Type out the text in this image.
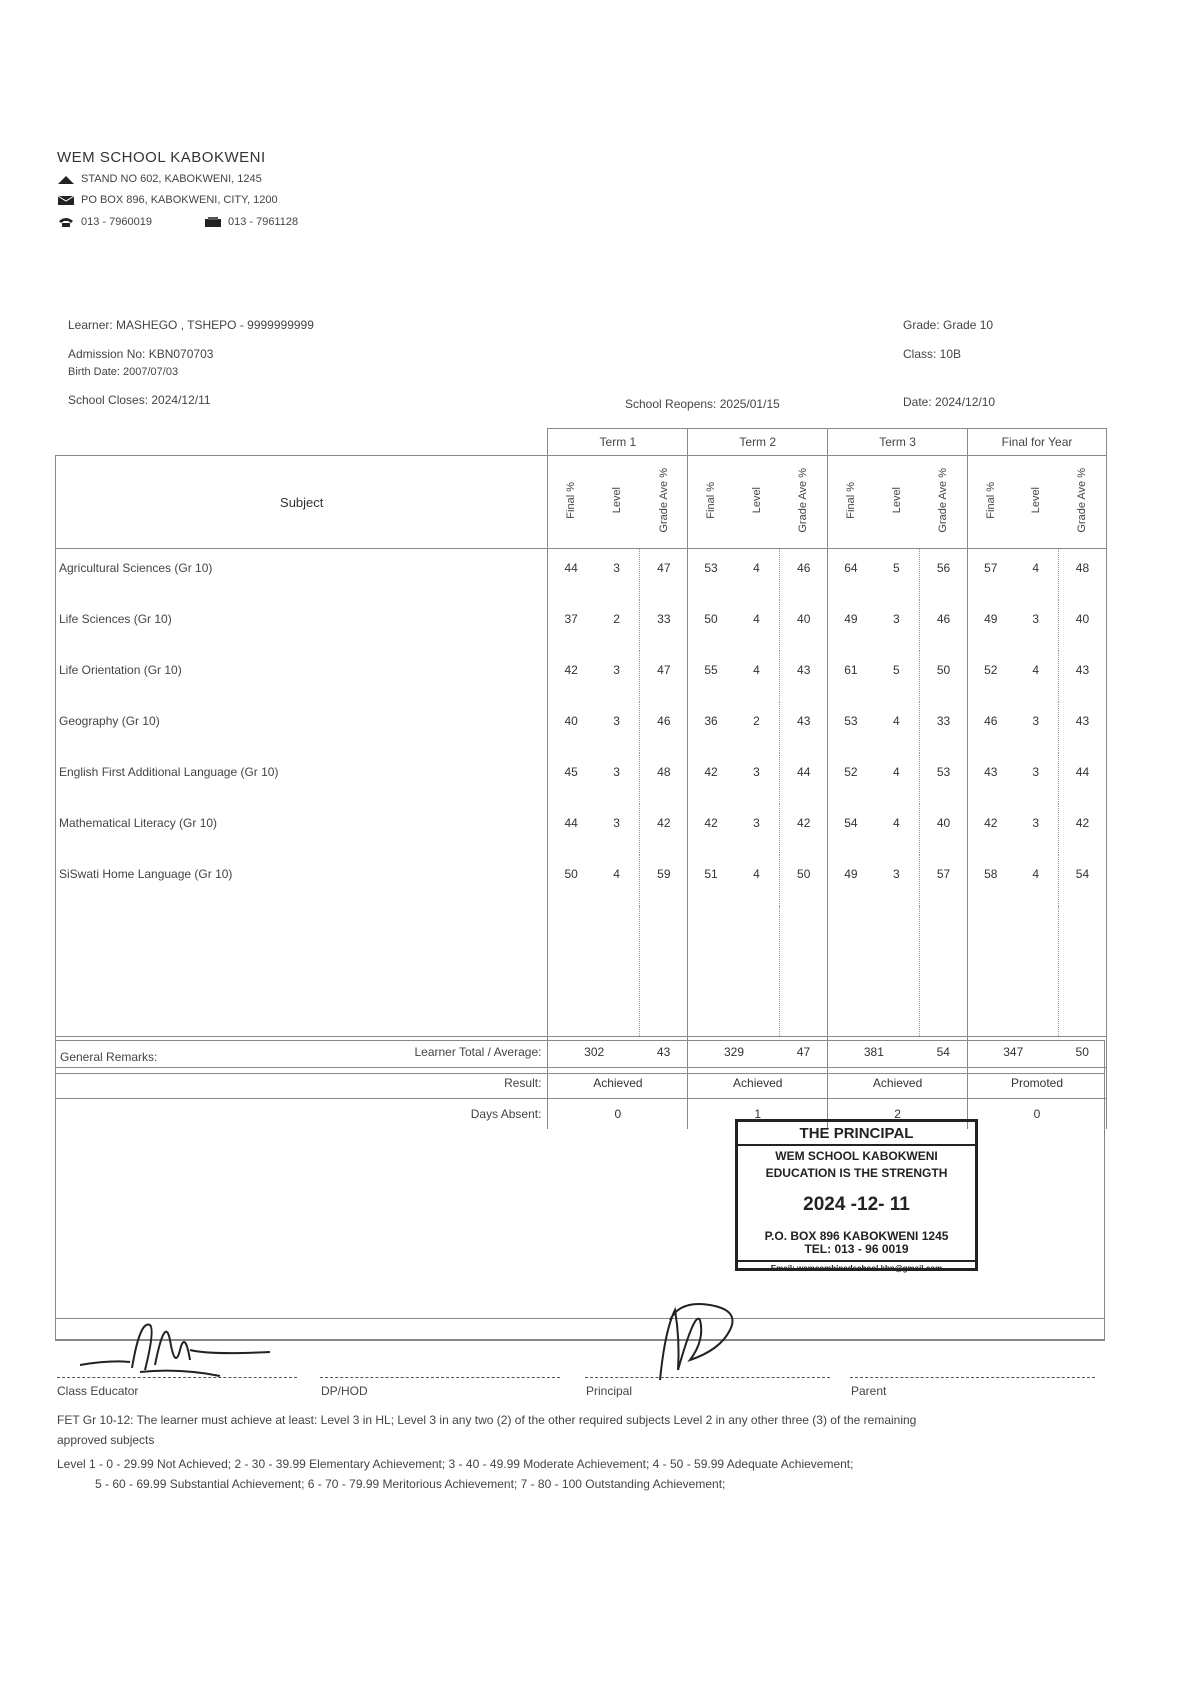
WEM SCHOOL KABOKWENI
STAND NO 602, KABOKWENI, 1245
PO BOX 896, KABOKWENI, CITY, 1200
013 - 7960019	013 - 7961128
Learner: MASHEGO , TSHEPO - 9999999999
Admission No: KBN070703
Birth Date: 2007/07/03
School Closes: 2024/12/11	School Reopens: 2025/01/15
Grade: Grade 10
Class: 10B
Date: 2024/12/10
	Term 1			Term 2			Term 3			Final for Year		
Subject	Final %	Level	Grade Ave %	Final %	Level	Grade Ave %	Final %	Level	Grade Ave %	Final %	Level	Grade Ave %
Agricultural Sciences (Gr 10)	44	3	47	53	4	46	64	5	56	57	4	48
Life Sciences (Gr 10)	37	2	33	50	4	40	49	3	46	49	3	40
Life Orientation (Gr 10)	42	3	47	55	4	43	61	5	50	52	4	43
Geography (Gr 10)	40	3	46	36	2	43	53	4	33	46	3	43
English First Additional Language (Gr 10)	45	3	48	42	3	44	52	4	53	43	3	44
Mathematical Literacy (Gr 10)	44	3	42	42	3	42	54	4	40	42	3	42
SiSwati Home Language (Gr 10)	50	4	59	51	4	50	49	3	57	58	4	54

Learner Total / Average:	302		43	329		47	381		54	347		50
Result:	Achieved			Achieved			Achieved			Promoted		
Days Absent:	0			1			2			0		
General Remarks:
THE PRINCIPAL
WEM SCHOOL KABOKWENI
EDUCATION IS THE STRENGTH
2024 -12- 11
P.O. BOX 896 KABOKWENI 1245
TEL: 013 - 96 0019
Email: wemcombinedschool.kbn@gmail.com
Class Educator	DP/HOD	Principal	Parent
FET Gr 10-12: The learner must achieve at least: Level 3 in HL; Level 3 in any two (2) of the other required subjects Level 2 in any other three (3) of the remaining
approved subjects
Level 1 - 0 - 29.99 Not Achieved; 2 - 30 - 39.99 Elementary Achievement; 3 - 40 - 49.99 Moderate Achievement; 4 - 50 - 59.99 Adequate Achievement;
5 - 60 - 69.99 Substantial Achievement; 6 - 70 - 79.99 Meritorious Achievement; 7 - 80 - 100 Outstanding Achievement;
